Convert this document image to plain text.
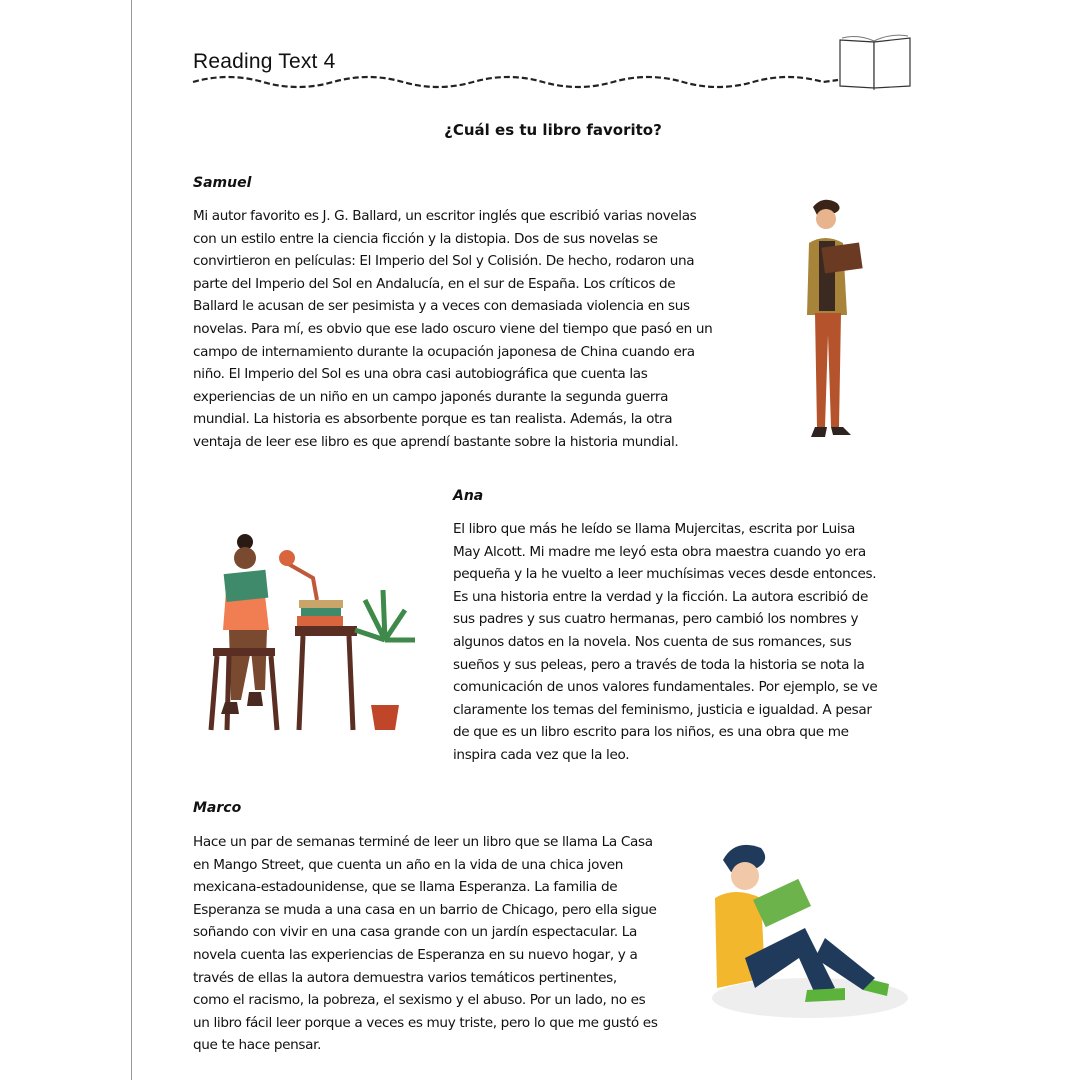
Reading Text 4
¿Cuál es tu libro favorito?
Samuel
Mi autor favorito es J. G. Ballard, un escritor inglés que escribió varias novelas
con un estilo entre la ciencia ficción y la distopia. Dos de sus novelas se
convirtieron en películas: El Imperio del Sol y Colisión. De hecho, rodaron una
parte del Imperio del Sol en Andalucía, en el sur de España. Los críticos de
Ballard le acusan de ser pesimista y a veces con demasiada violencia en sus
novelas. Para mí, es obvio que ese lado oscuro viene del tiempo que pasó en un
campo de internamiento durante la ocupación japonesa de China cuando era
niño. El Imperio del Sol es una obra casi autobiográfica que cuenta las
experiencias de un niño en un campo japonés durante la segunda guerra
mundial. La historia es absorbente porque es tan realista. Además, la otra
ventaja de leer ese libro es que aprendí bastante sobre la historia mundial.
Ana
El libro que más he leído se llama Mujercitas, escrita por Luisa
May Alcott. Mi madre me leyó esta obra maestra cuando yo era
pequeña y la he vuelto a leer muchísimas veces desde entonces.
Es una historia entre la verdad y la ficción. La autora escribió de
sus padres y sus cuatro hermanas, pero cambió los nombres y
algunos datos en la novela. Nos cuenta de sus romances, sus
sueños y sus peleas, pero a través de toda la historia se nota la
comunicación de unos valores fundamentales. Por ejemplo, se ve
claramente los temas del feminismo, justicia e igualdad. A pesar
de que es un libro escrito para los niños, es una obra que me
inspira cada vez que la leo.
Marco
Hace un par de semanas terminé de leer un libro que se llama La Casa
en Mango Street, que cuenta un año en la vida de una chica joven
mexicana-estadounidense, que se llama Esperanza. La familia de
Esperanza se muda a una casa en un barrio de Chicago, pero ella sigue
soñando con vivir en una casa grande con un jardín espectacular. La
novela cuenta las experiencias de Esperanza en su nuevo hogar, y a
través de ellas la autora demuestra varios temáticos pertinentes,
como el racismo, la pobreza, el sexismo y el abuso. Por un lado, no es
un libro fácil leer porque a veces es muy triste, pero lo que me gustó es
que te hace pensar.
